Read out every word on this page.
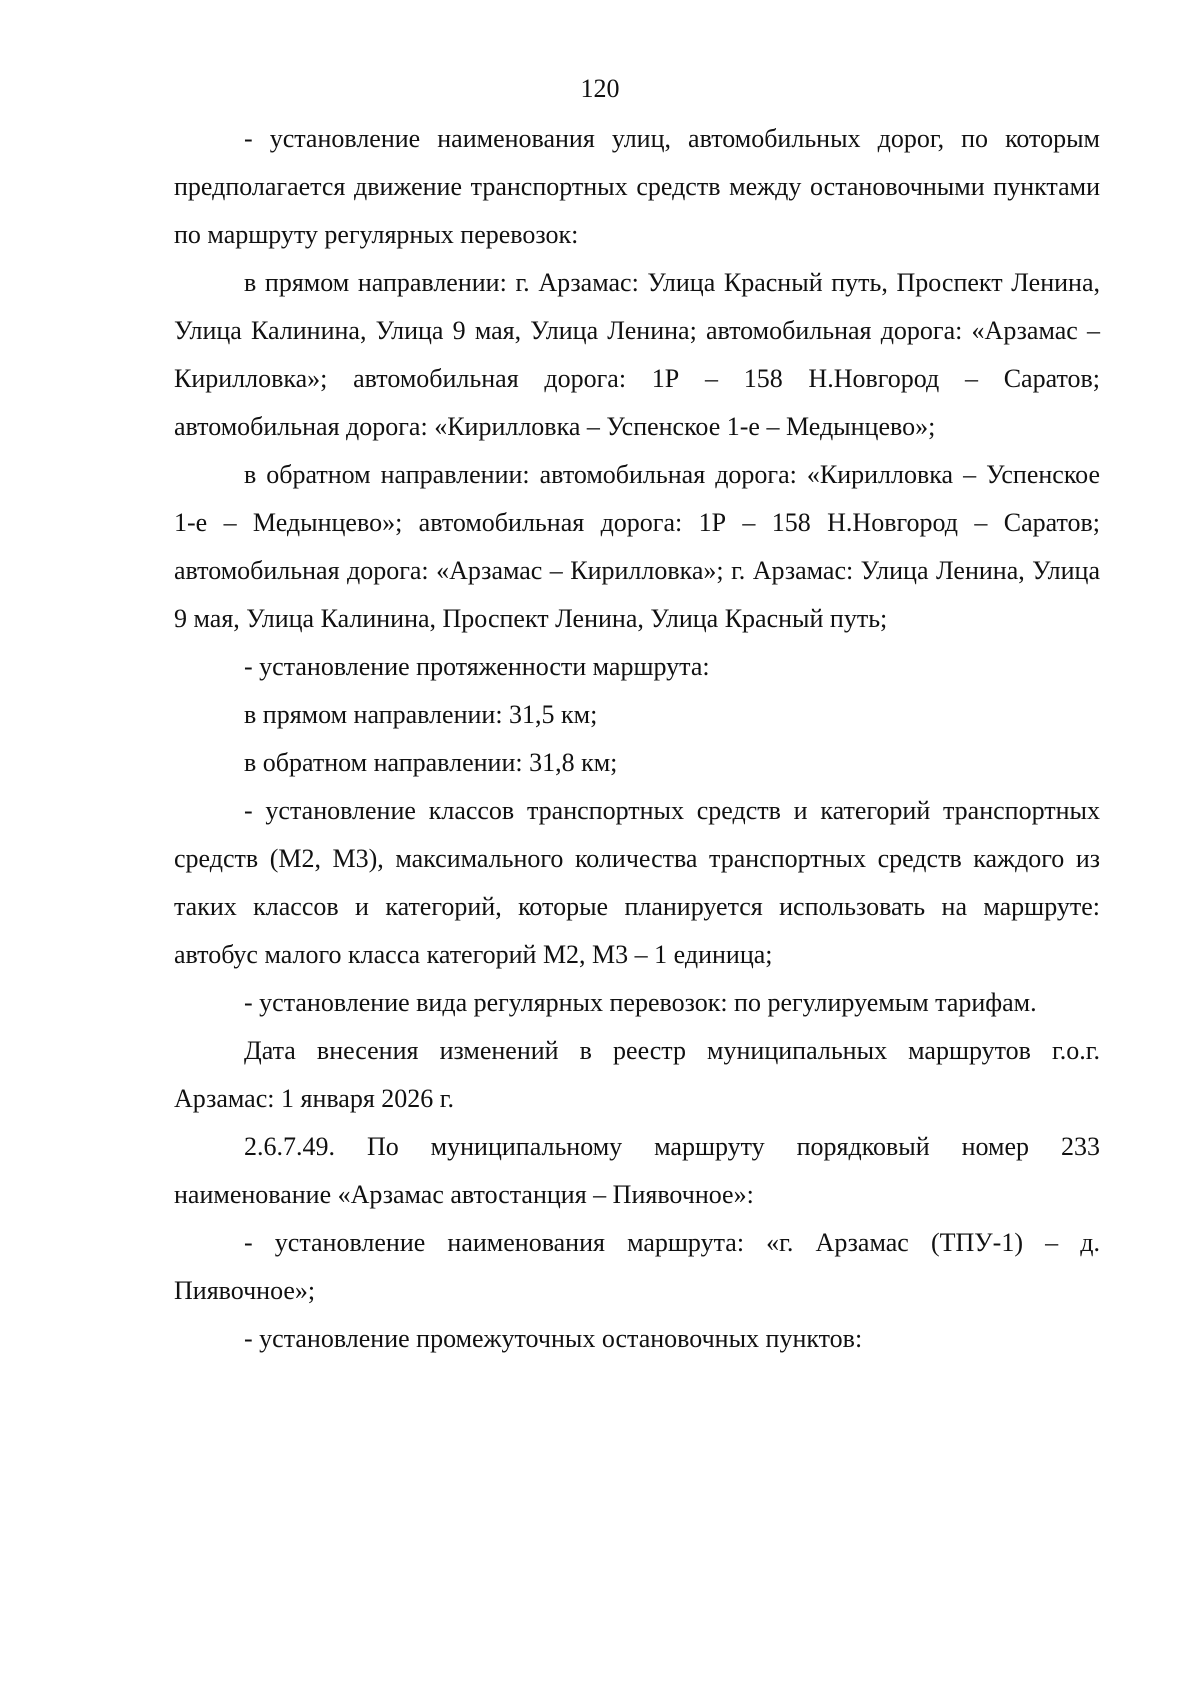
120

- установление наименования улиц, автомобильных дорог, по которым предполагается движение транспортных средств между остановочными пунктами по маршруту регулярных перевозок:

в прямом направлении: г. Арзамас: Улица Красный путь, Проспект Ленина, Улица Калинина, Улица 9 мая, Улица Ленина; автомобильная дорога: «Арзамас – Кирилловка»; автомобильная дорога: 1Р – 158 Н.Новгород – Саратов; автомобильная дорога: «Кирилловка – Успенское 1-е – Медынцево»;

в обратном направлении: автомобильная дорога: «Кирилловка – Успенское 1-е – Медынцево»; автомобильная дорога: 1Р – 158 Н.Новгород – Саратов; автомобильная дорога: «Арзамас – Кирилловка»; г. Арзамас: Улица Ленина, Улица 9 мая, Улица Калинина, Проспект Ленина, Улица Красный путь;

- установление протяженности маршрута:

в прямом направлении: 31,5 км;

в обратном направлении: 31,8 км;

- установление классов транспортных средств и категорий транспортных средств (М2, М3), максимального количества транспортных средств каждого из таких классов и категорий, которые планируется использовать на маршруте: автобус малого класса категорий М2, М3 – 1 единица;

- установление вида регулярных перевозок: по регулируемым тарифам.

Дата внесения изменений в реестр муниципальных маршрутов г.о.г. Арзамас: 1 января 2026 г.

2.6.7.49. По муниципальному маршруту порядковый номер 233 наименование «Арзамас автостанция – Пиявочное»:

- установление наименования маршрута: «г. Арзамас (ТПУ-1) – д. Пиявочное»;

- установление промежуточных остановочных пунктов:
